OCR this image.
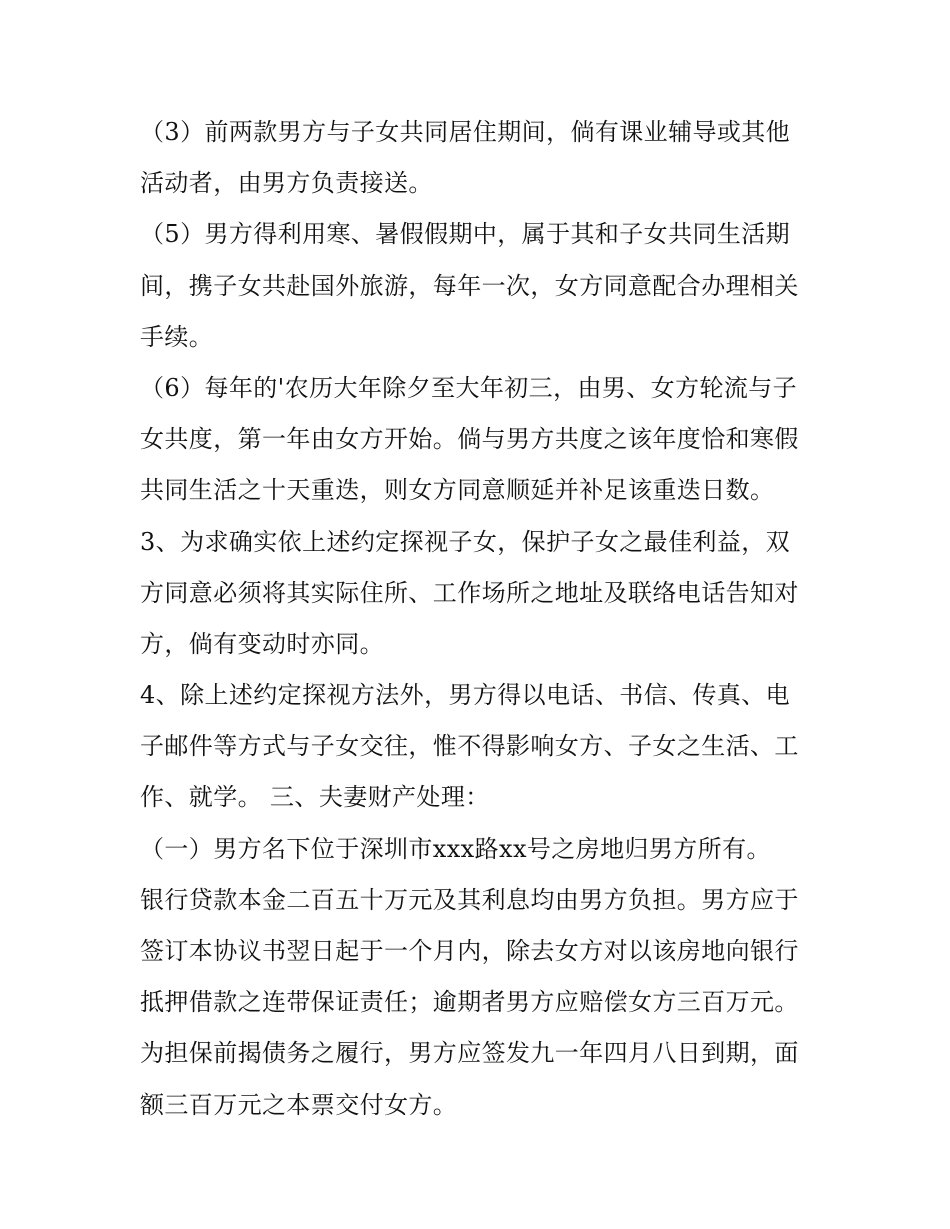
（3）前两款男方与子女共同居住期间，倘有课业辅导或其他
活动者，由男方负责接送。
（5）男方得利用寒、暑假假期中，属于其和子女共同生活期
间，携子女共赴国外旅游，每年一次，女方同意配合办理相关
手续。
（6）每年的'农历大年除夕至大年初三，由男、女方轮流与子
女共度，第一年由女方开始。倘与男方共度之该年度恰和寒假
共同生活之十天重迭，则女方同意顺延并补足该重迭日数。
3、为求确实依上述约定探视子女，保护子女之最佳利益，双
方同意必须将其实际住所、工作场所之地址及联络电话告知对
方，倘有变动时亦同。
4、除上述约定探视方法外，男方得以电话、书信、传真、电
子邮件等方式与子女交往，惟不得影响女方、子女之生活、工
作、就学。 三、夫妻财产处理：
（一）男方名下位于深圳市xxx路xx号之房地归男方所有。
银行贷款本金二百五十万元及其利息均由男方负担。男方应于
签订本协议书翌日起于一个月内，除去女方对以该房地向银行
抵押借款之连带保证责任；逾期者男方应赔偿女方三百万元。
为担保前揭债务之履行，男方应签发九一年四月八日到期，面
额三百万元之本票交付女方。
